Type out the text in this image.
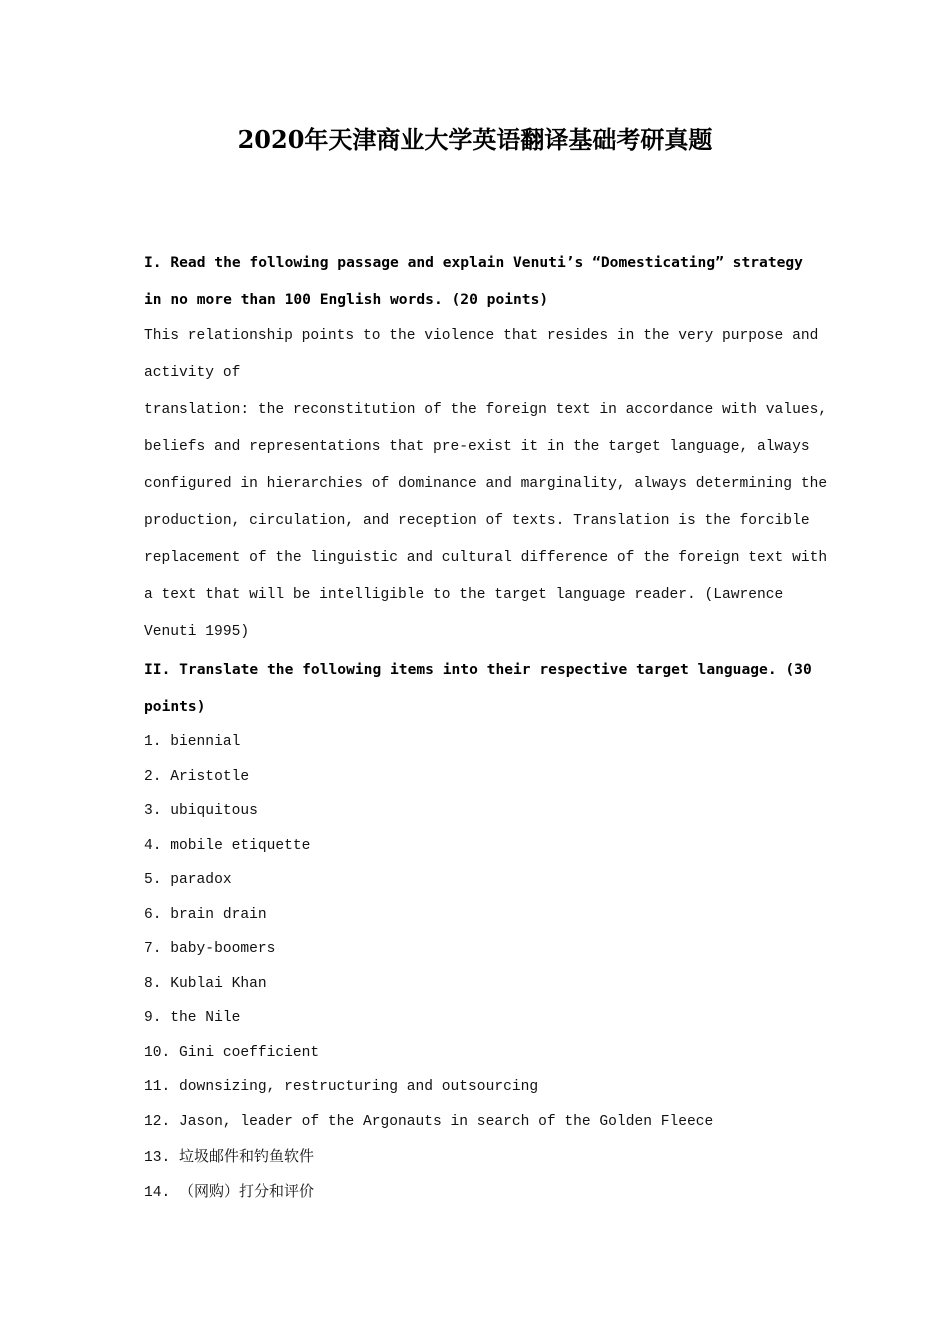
2020年天津商业大学英语翻译基础考研真题
I. Read the following passage and explain Venuti’s “Domesticating” strategy
in no more than 100 English words. (20 points)
This relationship points to the violence that resides in the very purpose and
activity of
translation: the reconstitution of the foreign text in accordance with values,
beliefs and representations that pre-exist it in the target language, always
configured in hierarchies of dominance and marginality, always determining the
production, circulation, and reception of texts. Translation is the forcible
replacement of the linguistic and cultural difference of the foreign text with
a text that will be intelligible to the target language reader. (Lawrence
Venuti 1995)
II. Translate the following items into their respective target language. (30
points)
1. biennial
2. Aristotle
3. ubiquitous
4. mobile etiquette
5. paradox
6. brain drain
7. baby-boomers
8. Kublai Khan
9. the Nile
10. Gini coefficient
11. downsizing, restructuring and outsourcing
12. Jason, leader of the Argonauts in search of the Golden Fleece
13. 垃圾邮件和钓鱼软件
14. （网购）打分和评价
